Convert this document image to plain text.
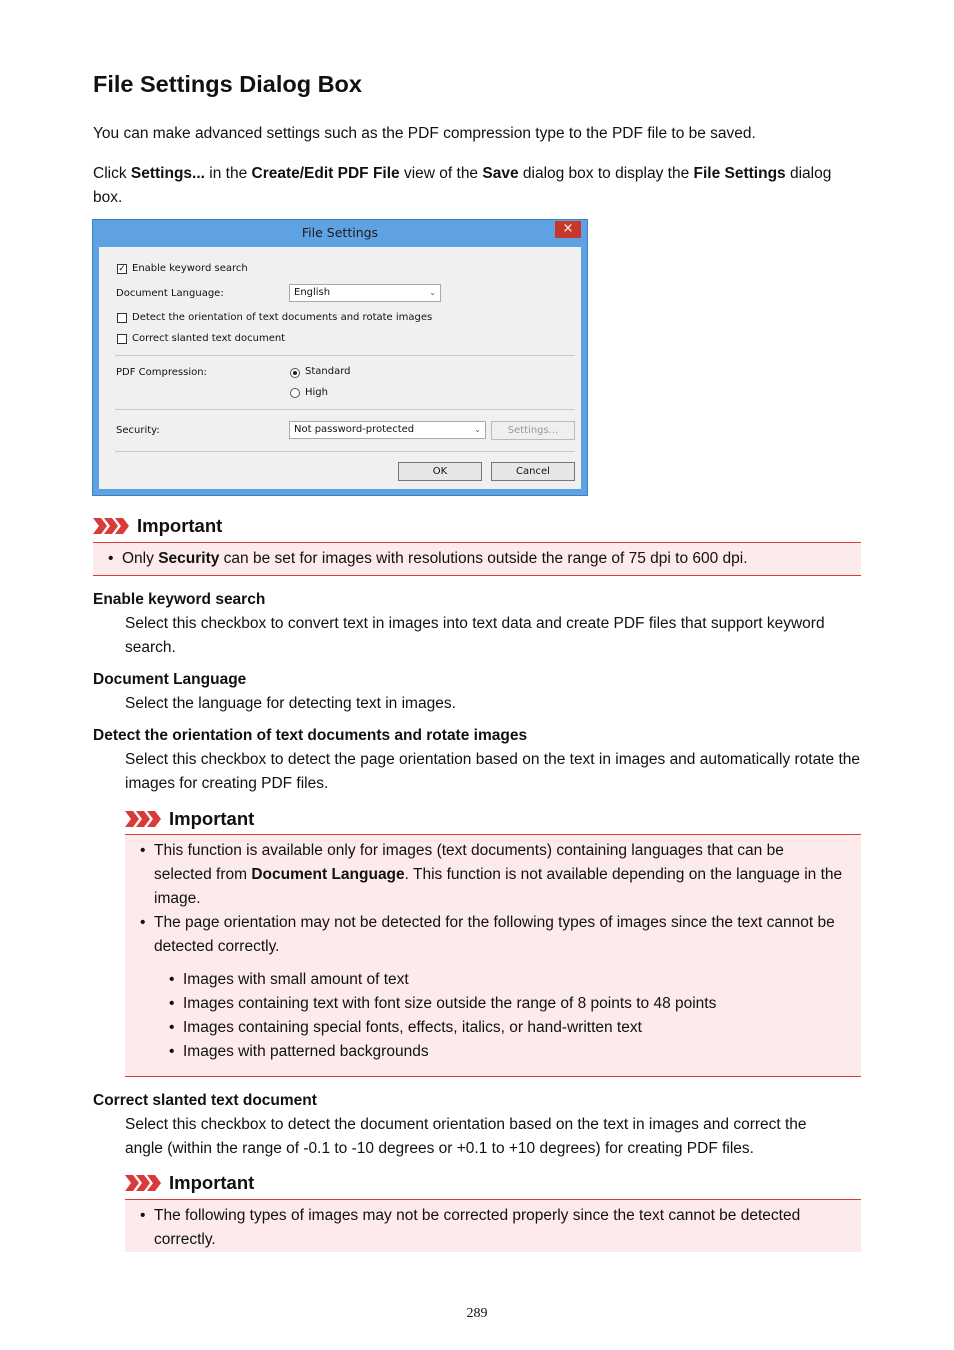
File Settings Dialog Box

You can make advanced settings such as the PDF compression type to the PDF file to be saved.

Click Settings... in the Create/Edit PDF File view of the Save dialog box to display the File Settings dialog box.

File Settings	×
✓ Enable keyword search
Document Language:	English	⌄
Detect the orientation of text documents and rotate images
Correct slanted text document
PDF Compression:	Standard
High
Security:	Not password-protected	⌄	Settings...
OK	Cancel
Important
• Only Security can be set for images with resolutions outside the range of 75 dpi to 600 dpi.
Enable keyword search

Select this checkbox to convert text in images into text data and create PDF files that support keyword search.

Document Language

Select the language for detecting text in images.

Detect the orientation of text documents and rotate images

Select this checkbox to detect the page orientation based on the text in images and automatically rotate the images for creating PDF files.

Important
• This function is available only for images (text documents) containing languages that can be selected from Document Language. This function is not available depending on the language in the image.
• The page orientation may not be detected for the following types of images since the text cannot be detected correctly.
• Images with small amount of text
• Images containing text with font size outside the range of 8 points to 48 points
• Images containing special fonts, effects, italics, or hand-written text
• Images with patterned backgrounds
Correct slanted text document

Select this checkbox to detect the document orientation based on the text in images and correct the angle (within the range of -0.1 to -10 degrees or +0.1 to +10 degrees) for creating PDF files.

Important
• The following types of images may not be corrected properly since the text cannot be detected correctly.
289
